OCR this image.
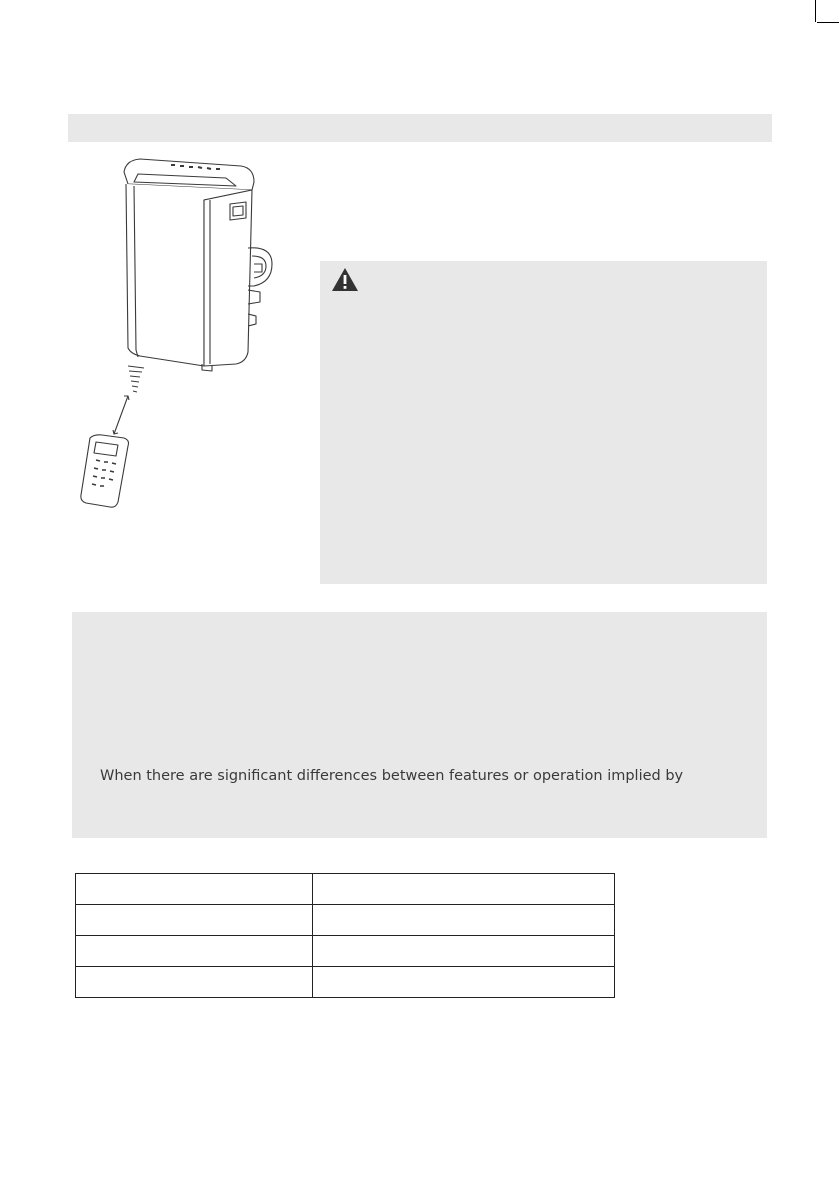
When there are significant differences between features or operation implied by
